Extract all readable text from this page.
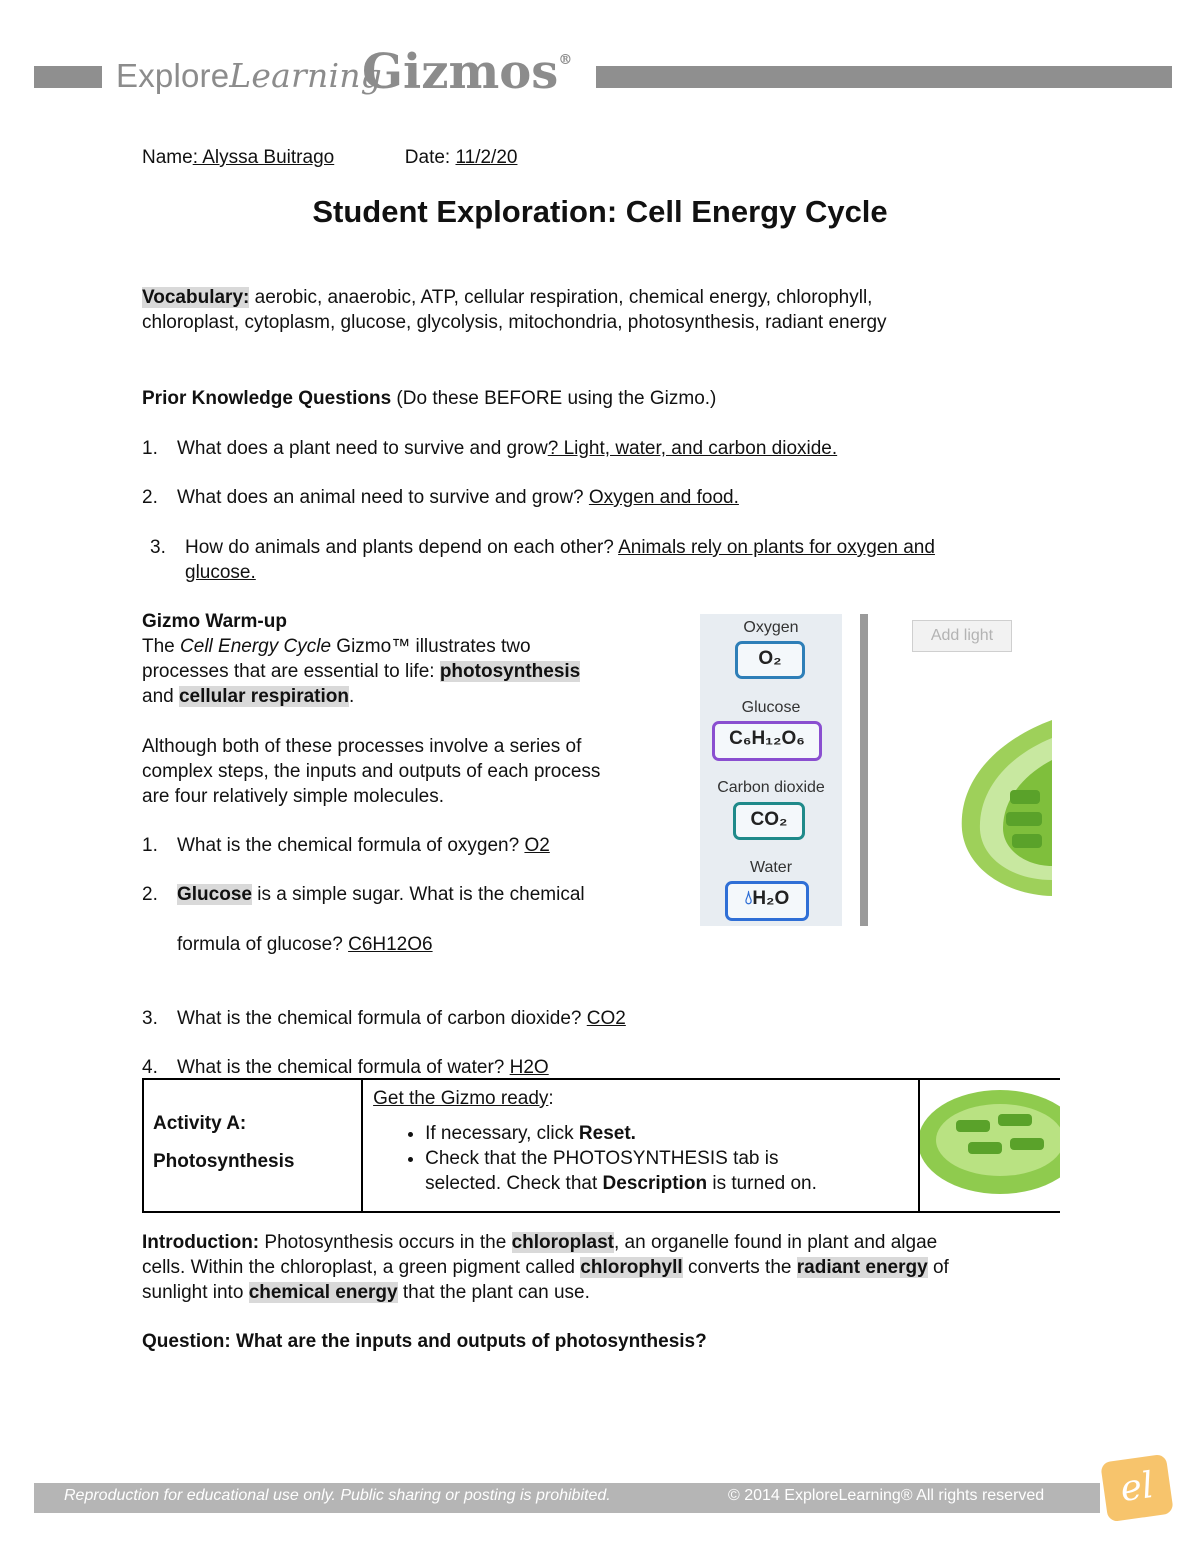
ExploreLearning
Gizmos®
Name: Alyssa Buitrago	Date: 11/2/20
Student Exploration: Cell Energy Cycle
Vocabulary: aerobic, anaerobic, ATP, cellular respiration, chemical energy, chlorophyll,
chloroplast, cytoplasm, glucose, glycolysis, mitochondria, photosynthesis, radiant energy
Prior Knowledge Questions (Do these BEFORE using the Gizmo.)
1. What does a plant need to survive and grow? Light, water, and carbon dioxide.
2. What does an animal need to survive and grow? Oxygen and food.
3. How do animals and plants depend on each other? Animals rely on plants for oxygen and
glucose.
Gizmo Warm-up
The Cell Energy Cycle Gizmo™ illustrates two
processes that are essential to life: photosynthesis
and cellular respiration.
Although both of these processes involve a series of
complex steps, the inputs and outputs of each process
are four relatively simple molecules.
1. What is the chemical formula of oxygen? O2
2. Glucose is a simple sugar. What is the chemical
formula of glucose? C6H12O6
3. What is the chemical formula of carbon dioxide? CO2
4. What is the chemical formula of water? H2O
Oxygen
O₂
Glucose
C₆H₁₂O₆
Carbon dioxide
CO₂
Water
💧︎H₂O
Add light
Activity A:
Photosynthesis

Get the Gizmo ready:
• If necessary, click Reset.
• Check that the PHOTOSYNTHESIS tab is
selected. Check that Description is turned on.

Introduction: Photosynthesis occurs in the chloroplast, an organelle found in plant and algae
cells. Within the chloroplast, a green pigment called chlorophyll converts the radiant energy of
sunlight into chemical energy that the plant can use.
Question: What are the inputs and outputs of photosynthesis?
Reproduction for educational use only. Public sharing or posting is prohibited.	© 2014 ExploreLearning® All rights reserved	el
